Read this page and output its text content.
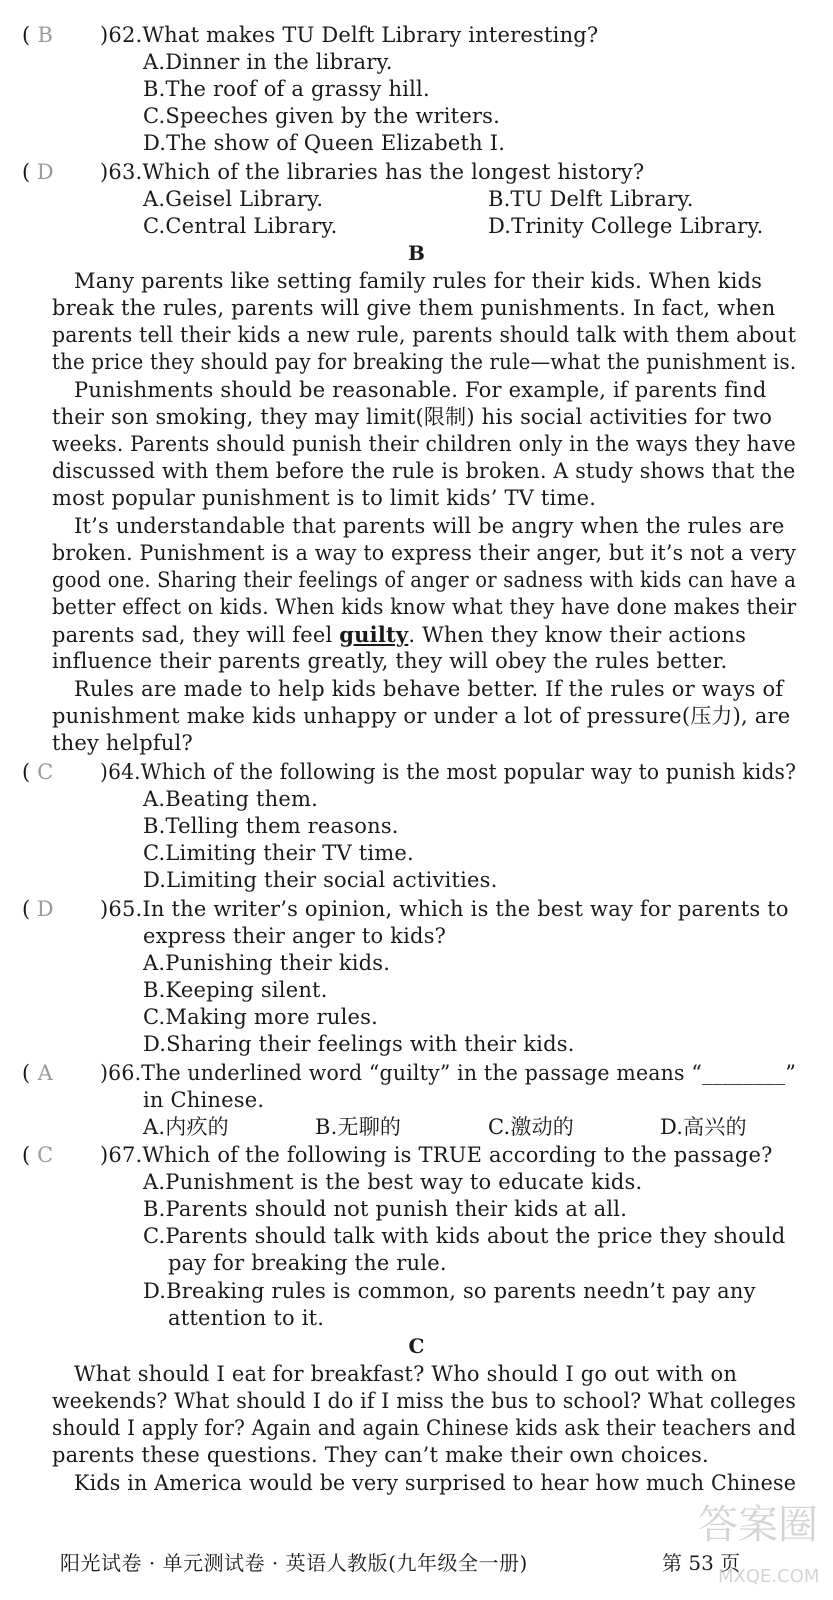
( B	)62.What makes TU Delft Library interesting?
A.Dinner in the library.
B.The roof of a grassy hill.
C.Speeches given by the writers.
D.The show of Queen Elizabeth Ⅰ.
( D	)63.Which of the libraries has the longest history?
A.Geisel Library.	B.TU Delft Library.
C.Central Library.	D.Trinity College Library.
B
Many parents like setting family rules for their kids. When kids
break the rules, parents will give them punishments. In fact, when
parents tell their kids a new rule, parents should talk with them about
the price they should pay for breaking the rule—what the punishment is.
Punishments should be reasonable. For example, if parents find
their son smoking, they may limit(限制) his social activities for two
weeks. Parents should punish their children only in the ways they have
discussed with them before the rule is broken. A study shows that the
most popular punishment is to limit kids’ TV time.
It’s understandable that parents will be angry when the rules are
broken. Punishment is a way to express their anger, but it’s not a very
good one. Sharing their feelings of anger or sadness with kids can have a
better effect on kids. When kids know what they have done makes their
parents sad, they will feel guilty. When they know their actions
influence their parents greatly, they will obey the rules better.
Rules are made to help kids behave better. If the rules or ways of
punishment make kids unhappy or under a lot of pressure(压力), are
they helpful?
( C	)64.Which of the following is the most popular way to punish kids?
A.Beating them.
B.Telling them reasons.
C.Limiting their TV time.
D.Limiting their social activities.
( D	)65.In the writer’s opinion, which is the best way for parents to
express their anger to kids?
A.Punishing their kids.
B.Keeping silent.
C.Making more rules.
D.Sharing their feelings with their kids.
( A	)66.The underlined word “guilty” in the passage means “________”
in Chinese.
A.内疚的	B.无聊的	C.激动的	D.高兴的
( C	)67.Which of the following is TRUE according to the passage?
A.Punishment is the best way to educate kids.
B.Parents should not punish their kids at all.
C.Parents should talk with kids about the price they should
pay for breaking the rule.
D.Breaking rules is common, so parents needn’t pay any
attention to it.
C
What should I eat for breakfast? Who should I go out with on
weekends? What should I do if I miss the bus to school? What colleges
should I apply for? Again and again Chinese kids ask their teachers and
parents these questions. They can’t make their own choices.
Kids in America would be very surprised to hear how much Chinese
阳光试卷 · 单元测试卷 · 英语人教版(九年级全一册)	第 53 页
答案圈
MXQE.COM
